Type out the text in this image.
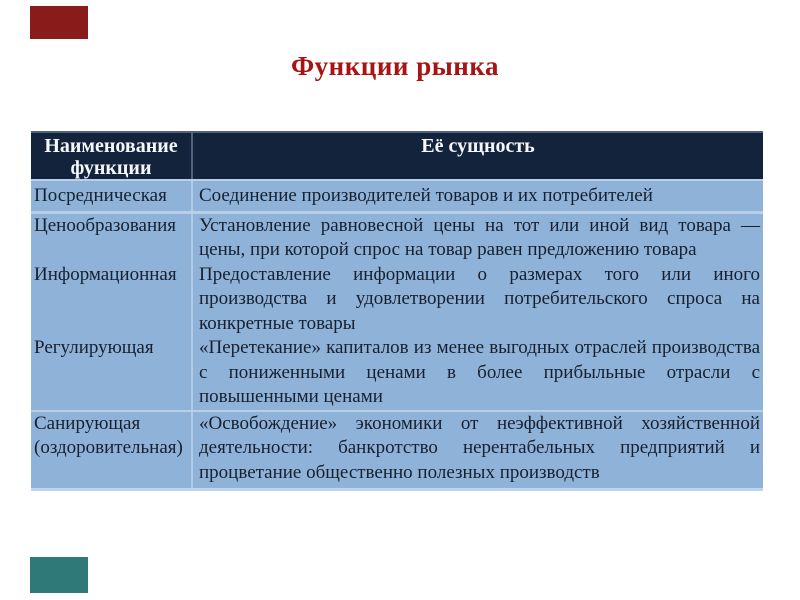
Функции рынка
Наименование функции	Её сущность
Посредническая	Соединение производителей товаров и их потребителей
Ценообразования	Установление равновесной цены на тот или иной вид товара — цены, при которой спрос на товар равен предложению товара
Информационная	Предоставление информации о размерах того или иного производства и удовлетворении потребительского спроса на конкретные товары
Регулирующая	«Перетекание» капиталов из менее выгодных отраслей производства с пониженными ценами в более прибыльные отрасли с повышенными ценами
Санирующая (оздоровительная)	«Освобождение» экономики от неэффективной хозяйственной деятельности: банкротство нерентабельных предприятий и процветание общественно полезных производств
